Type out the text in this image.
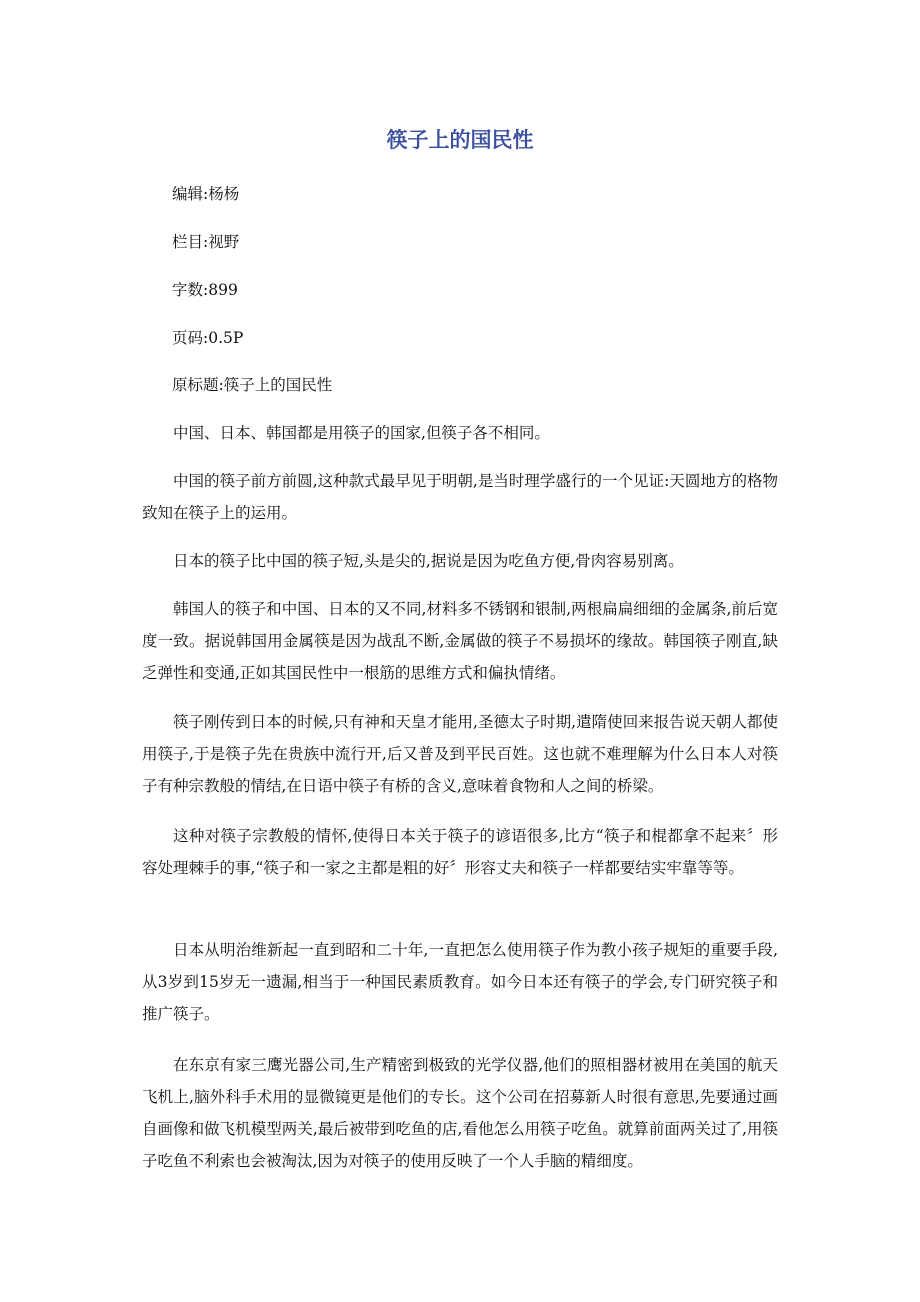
筷子上的国民性

编辑:杨杨

栏目:视野

字数:899

页码:0.5P

原标题:筷子上的国民性

中国、日本、韩国都是用筷子的国家,但筷子各不相同。

中国的筷子前方前圆,这种款式最早见于明朝,是当时理学盛行的一个见证:天圆地方的格物致知在筷子上的运用。

日本的筷子比中国的筷子短,头是尖的,据说是因为吃鱼方便,骨肉容易别离。

韩国人的筷子和中国、日本的又不同,材料多不锈钢和银制,两根扁扁细细的金属条,前后宽度一致。据说韩国用金属筷是因为战乱不断,金属做的筷子不易损坏的缘故。韩国筷子刚直,缺乏弹性和变通,正如其国民性中一根筋的思维方式和偏执情绪。

筷子刚传到日本的时候,只有神和天皇才能用,圣德太子时期,遣隋使回来报告说天朝人都使用筷子,于是筷子先在贵族中流行开,后又普及到平民百姓。这也就不难理解为什么日本人对筷子有种宗教般的情结,在日语中筷子有桥的含义,意味着食物和人之间的桥梁。

这种对筷子宗教般的情怀,使得日本关于筷子的谚语很多,比方“筷子和棍都拿不起来〞形容处理棘手的事,“筷子和一家之主都是粗的好〞形容丈夫和筷子一样都要结实牢靠等等。

日本从明治维新起一直到昭和二十年,一直把怎么使用筷子作为教小孩子规矩的重要手段,从3岁到15岁无一遗漏,相当于一种国民素质教育。如今日本还有筷子的学会,专门研究筷子和推广筷子。

在东京有家三鹰光器公司,生产精密到极致的光学仪器,他们的照相器材被用在美国的航天飞机上,脑外科手术用的显微镜更是他们的专长。这个公司在招募新人时很有意思,先要通过画自画像和做飞机模型两关,最后被带到吃鱼的店,看他怎么用筷子吃鱼。就算前面两关过了,用筷子吃鱼不利索也会被淘汰,因为对筷子的使用反映了一个人手脑的精细度。
